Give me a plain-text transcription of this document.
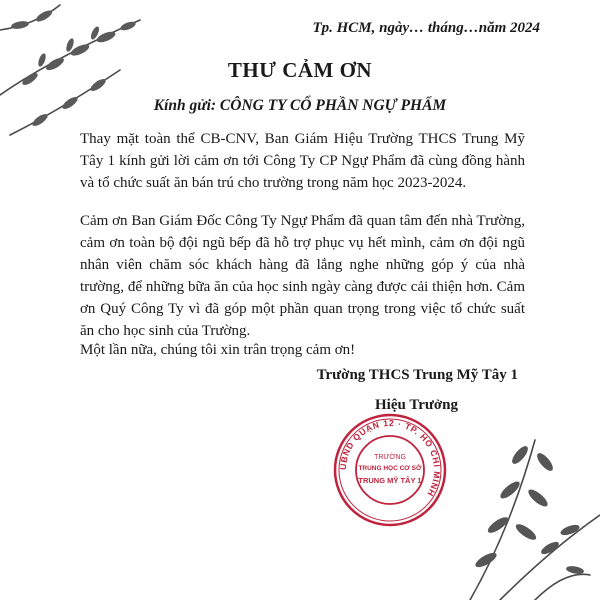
Tp. HCM, ngày… tháng…năm 2024
THƯ CẢM ƠN
Kính gửi: CÔNG TY CỔ PHẦN NGỰ PHẨM
Thay mặt toàn thể CB-CNV, Ban Giám Hiệu Trường THCS Trung Mỹ Tây 1 kính gửi lời cảm ơn tới Công Ty CP Ngự Phẩm đã cùng đồng hành và tổ chức suất ăn bán trú cho trường trong năm học 2023-2024.
Cảm ơn Ban Giám Đốc Công Ty Ngự Phẩm đã quan tâm đến nhà Trường, cảm ơn toàn bộ đội ngũ bếp đã hỗ trợ phục vụ hết mình, cảm ơn đội ngũ nhân viên chăm sóc khách hàng đã lắng nghe những góp ý của nhà trường, để những bữa ăn của học sinh ngày càng được cải thiện hơn. Cảm ơn Quý Công Ty vì đã góp một phần quan trọng trong việc tổ chức suất ăn cho học sinh của Trường.
Một lần nữa, chúng tôi xin trân trọng cảm ơn!
Trường THCS Trung Mỹ Tây 1
Hiệu Trưởng
UBND QUẬN 12 · TP. HỒ CHÍ MINH
TRƯỜNG
TRUNG HỌC CƠ SỞ
TRUNG MỸ TÂY 1
